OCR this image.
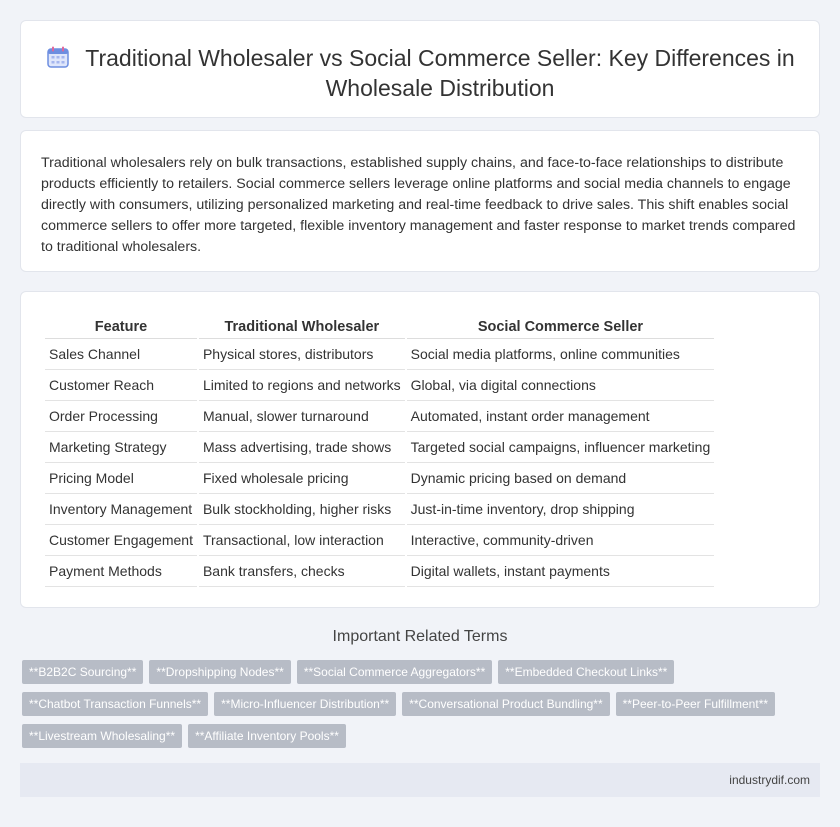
Traditional Wholesaler vs Social Commerce Seller: Key Differences in Wholesale Distribution

Traditional wholesalers rely on bulk transactions, established supply chains, and face-to-face relationships to distribute products efficiently to retailers. Social commerce sellers leverage online platforms and social media channels to engage directly with consumers, utilizing personalized marketing and real-time feedback to drive sales. This shift enables social commerce sellers to offer more targeted, flexible inventory management and faster response to market trends compared to traditional wholesalers.

Feature	Traditional Wholesaler	Social Commerce Seller
Sales Channel	Physical stores, distributors	Social media platforms, online communities
Customer Reach	Limited to regions and networks	Global, via digital connections
Order Processing	Manual, slower turnaround	Automated, instant order management
Marketing Strategy	Mass advertising, trade shows	Targeted social campaigns, influencer marketing
Pricing Model	Fixed wholesale pricing	Dynamic pricing based on demand
Inventory Management	Bulk stockholding, higher risks	Just-in-time inventory, drop shipping
Customer Engagement	Transactional, low interaction	Interactive, community-driven
Payment Methods	Bank transfers, checks	Digital wallets, instant payments
Important Related Terms
**B2B2C Sourcing**	**Dropshipping Nodes**	**Social Commerce Aggregators**	**Embedded Checkout Links**
**Chatbot Transaction Funnels**	**Micro-Influencer Distribution**	**Conversational Product Bundling**	**Peer-to-Peer Fulfillment**
**Livestream Wholesaling**	**Affiliate Inventory Pools**
industrydif.com
